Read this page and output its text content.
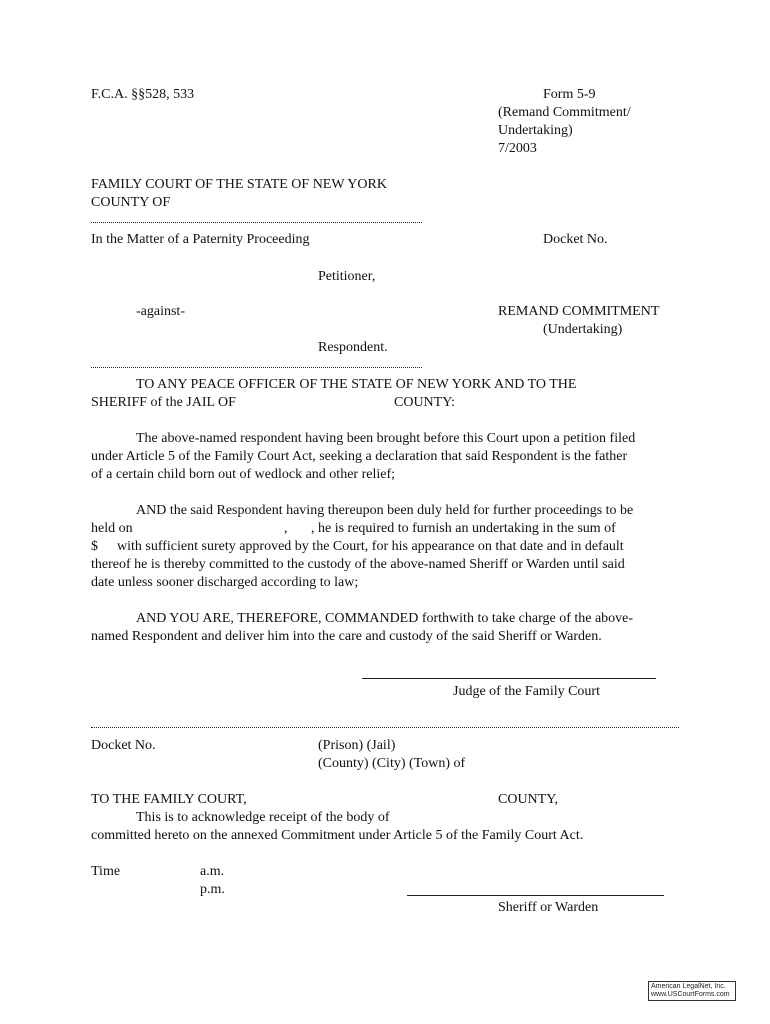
F.C.A. §§528, 533	Form 5-9
(Remand Commitment/
Undertaking)
7/2003
FAMILY COURT OF THE STATE OF NEW YORK
COUNTY OF
In the Matter of a Paternity Proceeding	Docket No.
Petitioner,
-against-	REMAND COMMITMENT
(Undertaking)
Respondent.
TO ANY PEACE OFFICER OF THE STATE OF NEW YORK AND TO THE
SHERIFF of the JAIL OF	COUNTY:
The above-named respondent having been brought before this Court upon a petition filed
under Article 5 of the Family Court Act, seeking a declaration that said Respondent is the father
of a certain child born out of wedlock and other relief;
AND the said Respondent having thereupon been duly held for further proceedings to be
held on	, , he is required to furnish an undertaking in the sum of
$ with sufficient surety approved by the Court, for his appearance on that date and in default
thereof he is thereby committed to the custody of the above-named Sheriff or Warden until said
date unless sooner discharged according to law;
AND YOU ARE, THEREFORE, COMMANDED forthwith to take charge of the above-
named Respondent and deliver him into the care and custody of the said Sheriff or Warden.
Judge of the Family Court
Docket No.	(Prison) (Jail)
(County) (City) (Town) of
TO THE FAMILY COURT,	COUNTY,
This is to acknowledge receipt of the body of
committed hereto on the annexed Commitment under Article 5 of the Family Court Act.
Time	a.m.
p.m.
Sheriff or Warden
American LegalNet, Inc.
www.USCourtForms.com
